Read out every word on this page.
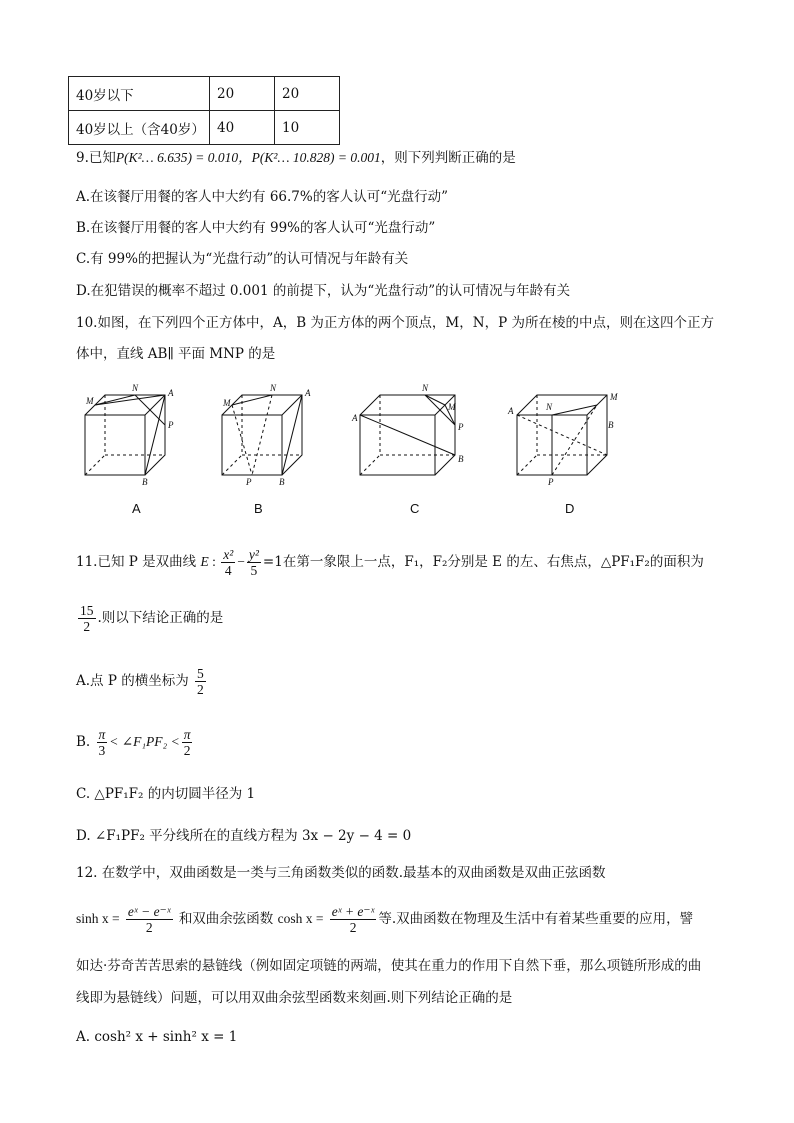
40岁以下	20	20
40岁以上（含40岁）	40	10
9.已知P(K²… 6.635) = 0.010，P(K²… 10.828) = 0.001，则下列判断正确的是
A.在该餐厅用餐的客人中大约有 66.7%的客人认可“光盘行动”
B.在该餐厅用餐的客人中大约有 99%的客人认可“光盘行动”
C.有 99%的把握认为“光盘行动”的认可情况与年龄有关
D.在犯错误的概率不超过 0.001 的前提下，认为“光盘行动”的认可情况与年龄有关
10.如图，在下列四个正方体中，A，B 为正方体的两个顶点，M，N，P 为所在棱的中点，则在这四个正方
体中，直线 AB∥ 平面 MNP 的是
M
N	A
P
B
M
N	A
P	B
A
N
M
P
B
A	N
M
B
P
A	B	C	D
11.已知 P 是双曲线 E : $\frac{\text{x²}}{4} - \frac{\text{y²}}{5} =1$在第一象限上一点，F₁，F₂分别是 E 的左、右焦点，△PF₁F₂的面积为
$\frac{15}{2}$ .则以下结论正确的是
A.点 P 的横坐标为 $\frac{5}{2}$
B. $\frac{\pi}{3}$ < ∠F₁PF₂ < $\frac{\pi}{2}$
C. △PF₁F₂ 的内切圆半径为 1
D. ∠F₁PF₂ 平分线所在的直线方程为 3x − 2y − 4 = 0
12. 在数学中，双曲函数是一类与三角函数类似的函数.最基本的双曲函数是双曲正弦函数
$\sinh x = \frac{\text{eˣ − e⁻ˣ}}{2}$ 和双曲余弦函数 $\cosh x = \frac{\text{eˣ + e⁻ˣ}}{2}$ 等.双曲函数在物理及生活中有着某些重要的应用，譬
如达·芬奇苦苦思索的悬链线（例如固定项链的两端，使其在重力的作用下自然下垂，那么项链所形成的曲
线即为悬链线）问题，可以用双曲余弦型函数来刻画.则下列结论正确的是
A. cosh² x + sinh² x = 1
